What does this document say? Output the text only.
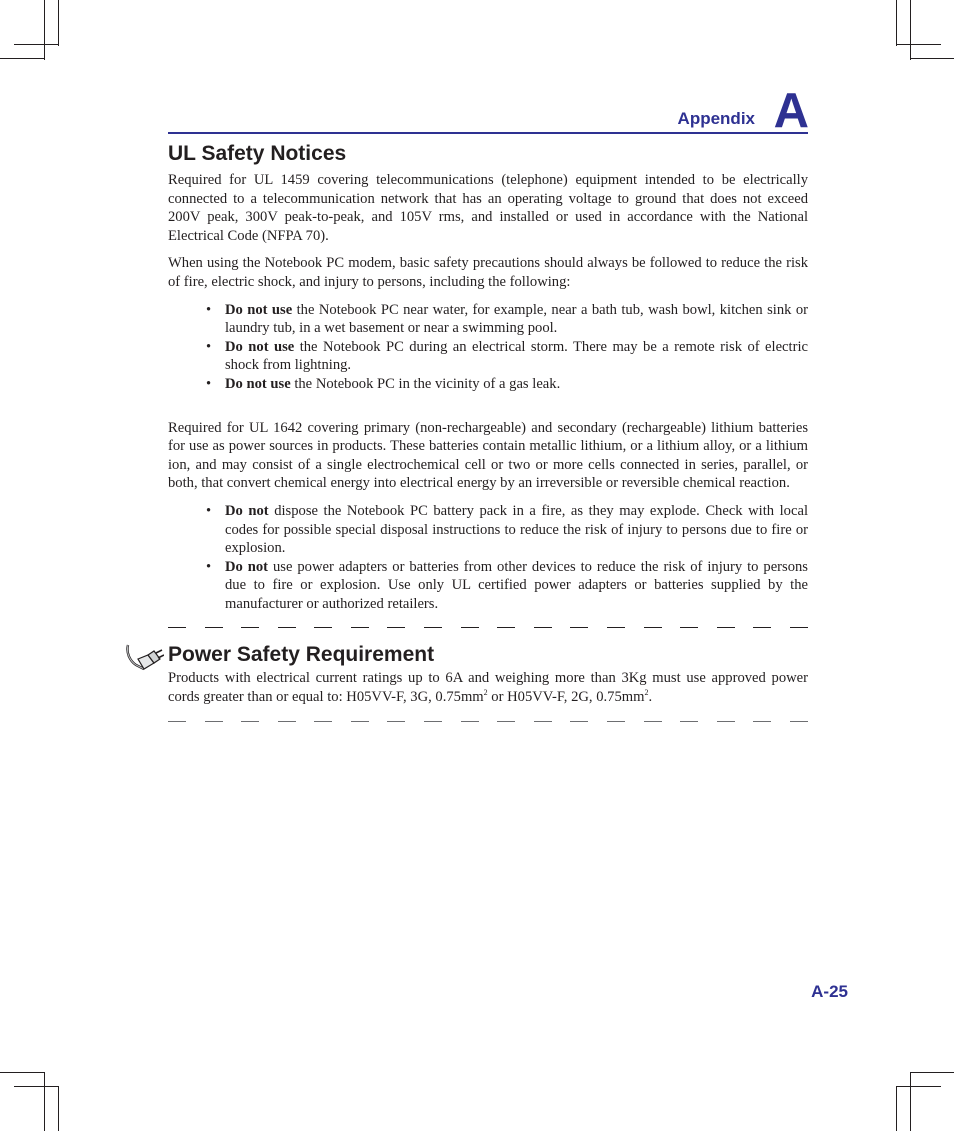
Appendix A
UL Safety Notices

Required for UL 1459 covering telecommunications (telephone) equipment intended to be electrically connected to a telecommunication network that has an operating voltage to ground that does not exceed 200V peak, 300V peak-to-peak, and 105V rms, and installed or used in accordance with the National Electrical Code (NFPA 70).

When using the Notebook PC modem, basic safety precautions should always be followed to reduce the risk of fire, electric shock, and injury to persons, including the following:

• Do not use the Notebook PC near water, for example, near a bath tub, wash bowl, kitchen sink or laundry tub, in a wet basement or near a swimming pool.
• Do not use the Notebook PC during an electrical storm. There may be a remote risk of electric shock from lightning.
• Do not use the Notebook PC in the vicinity of a gas leak.

Required for UL 1642 covering primary (non-rechargeable) and secondary (rechargeable) lithium batteries for use as power sources in products. These batteries contain metallic lithium, or a lithium alloy, or a lithium ion, and may consist of a single electrochemical cell or two or more cells connected in series, parallel, or both, that convert chemical energy into electrical energy by an irreversible or reversible chemical reaction.

• Do not dispose the Notebook PC battery pack in a fire, as they may explode. Check with local codes for possible special disposal instructions to reduce the risk of injury to persons due to fire or explosion.
• Do not use power adapters or batteries from other devices to reduce the risk of injury to persons due to fire or explosion. Use only UL certified power adapters or batteries supplied by the manufacturer or authorized retailers.
Power Safety Requirement

Products with electrical current ratings up to 6A and weighing more than 3Kg must use approved power cords greater than or equal to: H05VV-F, 3G, $0.75mm^2$ or H05VV-F, 2G, $0.75mm^2$.

A-25
